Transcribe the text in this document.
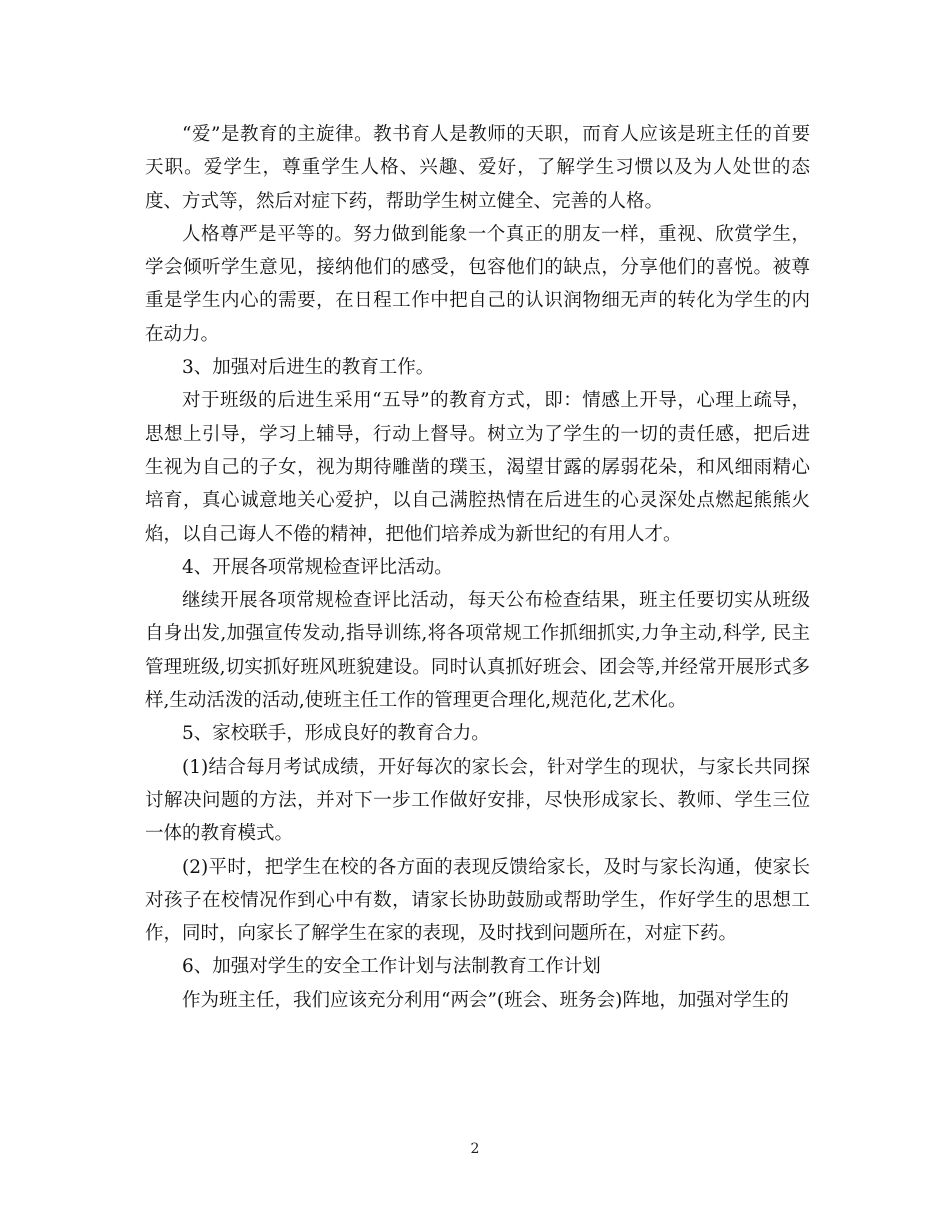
“爱”是教育的主旋律。教书育人是教师的天职，而育人应该是班主任的首要天职。爱学生，尊重学生人格、兴趣、爱好，了解学生习惯以及为人处世的态度、方式等，然后对症下药，帮助学生树立健全、完善的人格。

人格尊严是平等的。努力做到能象一个真正的朋友一样，重视、欣赏学生，学会倾听学生意见，接纳他们的感受，包容他们的缺点，分享他们的喜悦。被尊重是学生内心的需要，在日程工作中把自己的认识润物细无声的转化为学生的内在动力。

3、加强对后进生的教育工作。

对于班级的后进生采用“五导”的教育方式，即：情感上开导，心理上疏导，思想上引导，学习上辅导，行动上督导。树立为了学生的一切的责任感，把后进生视为自己的子女，视为期待雕凿的璞玉，渴望甘露的孱弱花朵，和风细雨精心培育，真心诚意地关心爱护，以自己满腔热情在后进生的心灵深处点燃起熊熊火焰，以自己诲人不倦的精神，把他们培养成为新世纪的有用人才。

4、开展各项常规检查评比活动。

继续开展各项常规检查评比活动，每天公布检查结果，班主任要切实从班级自身出发,加强宣传发动,指导训练,将各项常规工作抓细抓实,力争主动,科学, 民主管理班级,切实抓好班风班貌建设。同时认真抓好班会、团会等,并经常开展形式多样,生动活泼的活动,使班主任工作的管理更合理化,规范化,艺术化。

5、家校联手，形成良好的教育合力。

(1)结合每月考试成绩，开好每次的家长会，针对学生的现状，与家长共同探讨解决问题的方法，并对下一步工作做好安排，尽快形成家长、教师、学生三位一体的教育模式。

(2)平时，把学生在校的各方面的表现反馈给家长，及时与家长沟通，使家长对孩子在校情况作到心中有数，请家长协助鼓励或帮助学生，作好学生的思想工作，同时，向家长了解学生在家的表现，及时找到问题所在，对症下药。

6、加强对学生的安全工作计划与法制教育工作计划

作为班主任，我们应该充分利用“两会”(班会、班务会)阵地，加强对学生的

2
